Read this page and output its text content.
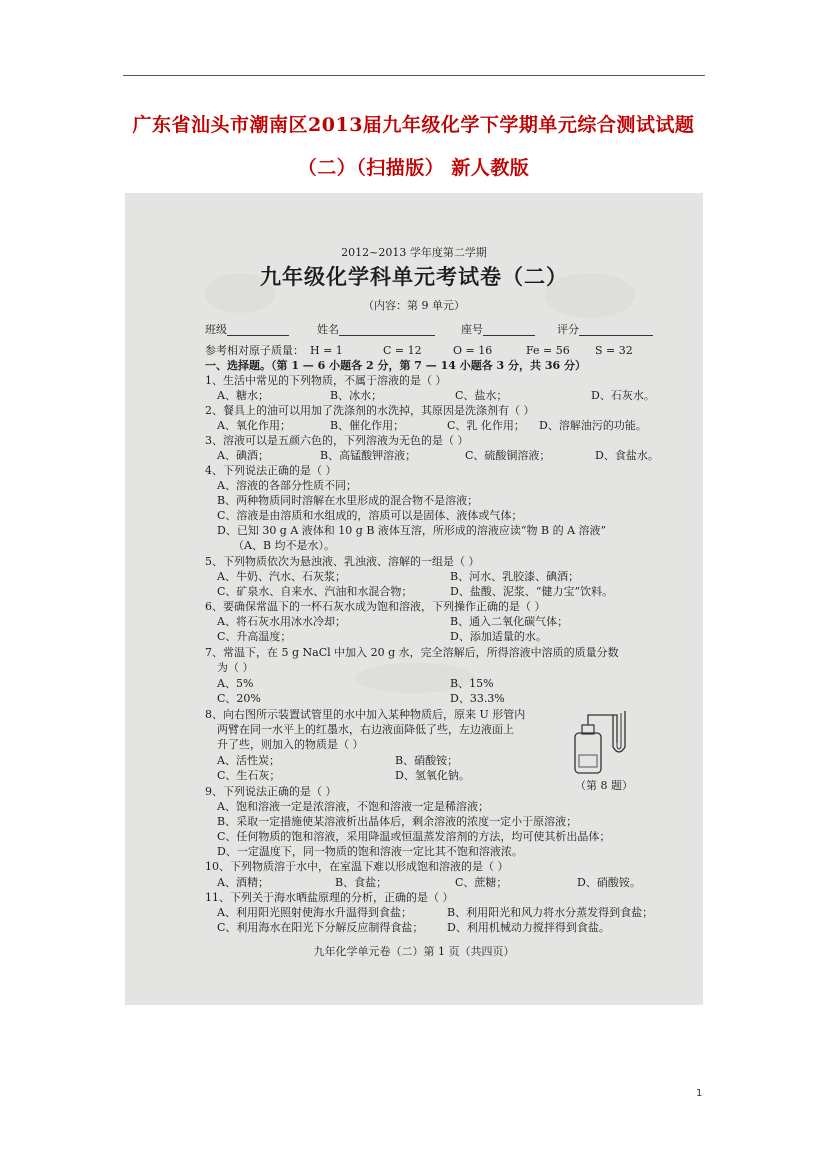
广东省汕头市潮南区2013届九年级化学下学期单元综合测试试题
（二）（扫描版） 新人教版
2012~2013 学年度第二学期
九年级化学科单元考试卷（二）
（内容：第 9 单元）
班级	姓名	座号	评分
参考相对原子质量： H = 1	C = 12	O = 16	Fe = 56 S = 32
一、选择题。（第 1 — 6 小题各 2 分，第 7 — 14 小题各 3 分，共 36 分）
1、生活中常见的下列物质，不属于溶液的是（ ）
A、糖水；	B、冰水；	C、盐水；	D、石灰水。
2、餐具上的油可以用加了洗涤剂的水洗掉，其原因是洗涤剂有（ ）
A、氧化作用；	B、催化作用；	C、乳 化作用； D、溶解油污的功能。
3、溶液可以是五颜六色的，下列溶液为无色的是（ ）
A、碘酒；	B、高锰酸钾溶液；	C、硫酸铜溶液；	D、食盐水。
4、下列说法正确的是（ ）
A、溶液的各部分性质不同；
B、两种物质同时溶解在水里形成的混合物不是溶液；
C、溶液是由溶质和水组成的，溶质可以是固体、液体或气体；
D、已知 30 g A 液体和 10 g B 液体互溶，所形成的溶液应读“物 B 的 A 溶液”
（A、B 均不是水）。
5、下列物质依次为悬浊液、乳浊液、溶解的一组是（ ）
A、牛奶、汽水、石灰浆；	B、河水、乳胶漆、碘酒；
C、矿泉水、自来水、汽油和水混合物；	D、盐酸、泥浆、“健力宝”饮料。
6、要确保常温下的一杯石灰水成为饱和溶液，下列操作正确的是（ ）
A、将石灰水用冰水冷却；	B、通入二氧化碳气体；
C、升高温度；	D、添加适量的水。
7、常温下，在 5 g NaCl 中加入 20 g 水，完全溶解后，所得溶液中溶质的质量分数
为（ ）
A、5%	B、15%
C、20%	D、33.3%
8、向右图所示装置试管里的水中加入某种物质后，原来 U 形管内
两臂在同一水平上的红墨水，右边液面降低了些，左边液面上
升了些，则加入的物质是（ ）
A、活性炭；	B、硝酸铵；
C、生石灰；	D、氢氧化钠。
（第 8 题）
9、下列说法正确的是（ ）
A、饱和溶液一定是浓溶液，不饱和溶液一定是稀溶液；
B、采取一定措施使某溶液析出晶体后，剩余溶液的浓度一定小于原溶液；
C、任何物质的饱和溶液，采用降温或恒温蒸发溶剂的方法，均可使其析出晶体；
D、一定温度下，同一物质的饱和溶液一定比其不饱和溶液浓。
10、下列物质溶于水中，在室温下难以形成饱和溶液的是（ ）
A、酒精；	B、食盐；	C、蔗糖；	D、硝酸铵。
11、下列关于海水晒盐原理的分析，正确的是（ ）
A、利用阳光照射使海水升温得到食盐；	B、利用阳光和风力将水分蒸发得到食盐；
C、利用海水在阳光下分解反应制得食盐； D、利用机械动力搅拌得到食盐。
九年化学单元卷（二）第 1 页（共四页）
1
